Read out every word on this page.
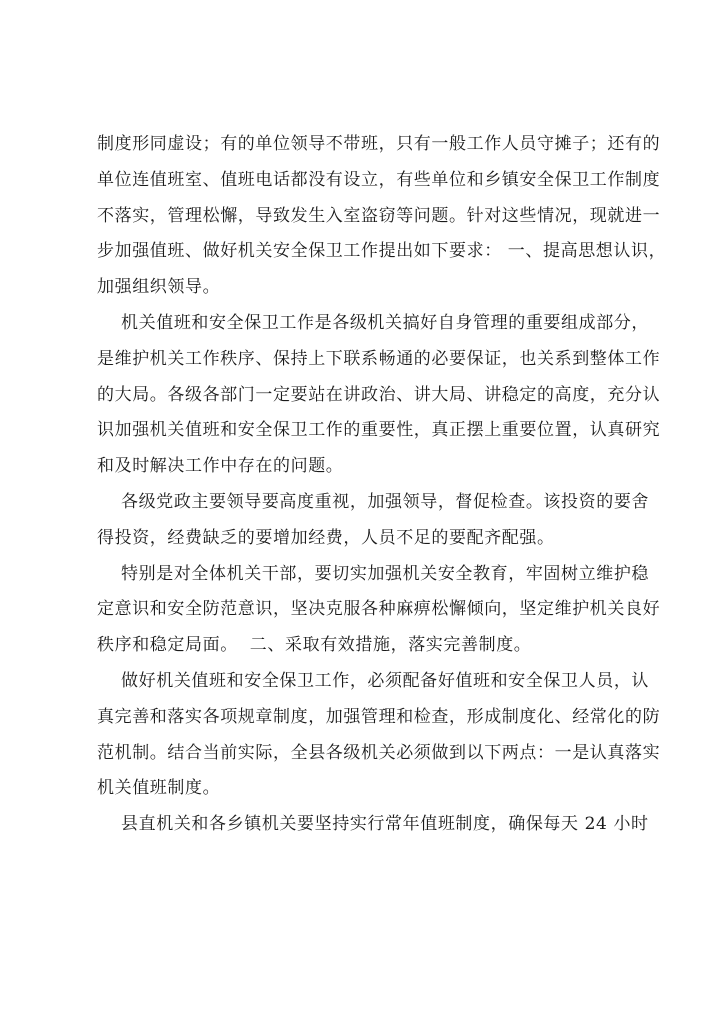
制度形同虚设；有的单位领导不带班，只有一般工作人员守摊子；还有的
单位连值班室、值班电话都没有设立，有些单位和乡镇安全保卫工作制度
不落实，管理松懈，导致发生入室盗窃等问题。针对这些情况，现就进一
步加强值班、做好机关安全保卫工作提出如下要求： 一、提高思想认识，
加强组织领导。
机关值班和安全保卫工作是各级机关搞好自身管理的重要组成部分，
是维护机关工作秩序、保持上下联系畅通的必要保证，也关系到整体工作
的大局。各级各部门一定要站在讲政治、讲大局、讲稳定的高度，充分认
识加强机关值班和安全保卫工作的重要性，真正摆上重要位置，认真研究
和及时解决工作中存在的问题。
各级党政主要领导要高度重视，加强领导，督促检查。该投资的要舍
得投资，经费缺乏的要增加经费，人员不足的要配齐配强。
特别是对全体机关干部，要切实加强机关安全教育，牢固树立维护稳
定意识和安全防范意识，坚决克服各种麻痹松懈倾向，坚定维护机关良好
秩序和稳定局面。  二、采取有效措施，落实完善制度。
做好机关值班和安全保卫工作，必须配备好值班和安全保卫人员，认
真完善和落实各项规章制度，加强管理和检查，形成制度化、经常化的防
范机制。结合当前实际，全县各级机关必须做到以下两点：一是认真落实
机关值班制度。
县直机关和各乡镇机关要坚持实行常年值班制度，确保每天 24 小时
